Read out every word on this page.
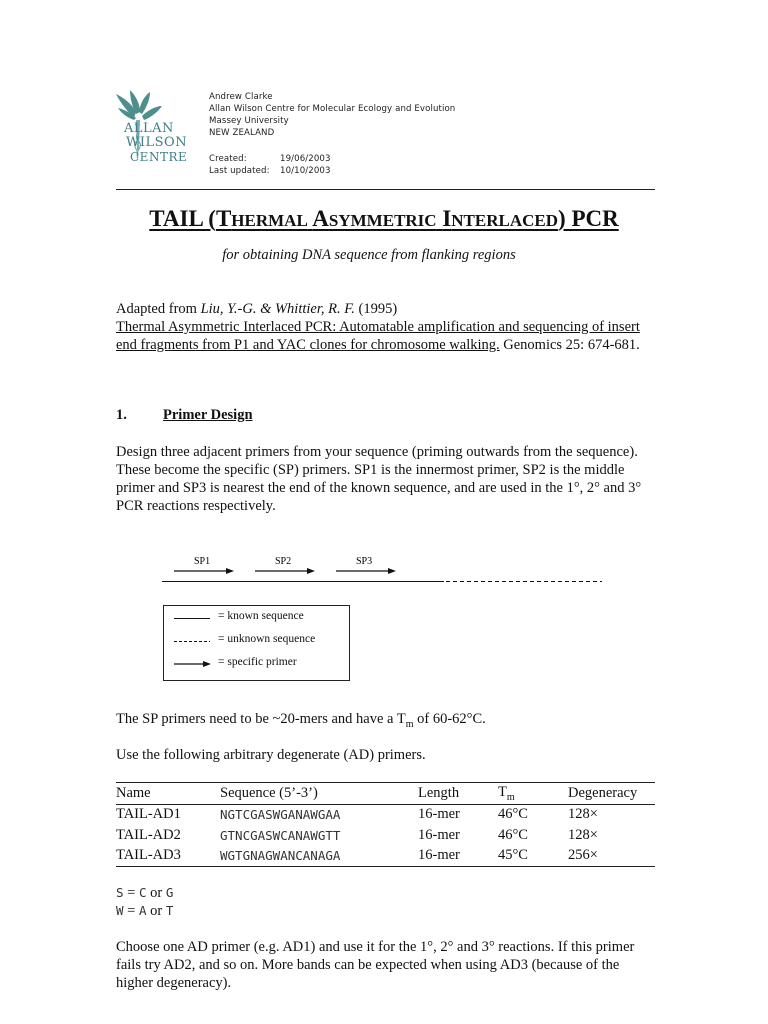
ALLAN
WILSON
CENTRE
Andrew Clarke
Allan Wilson Centre for Molecular Ecology and Evolution
Massey University
NEW ZEALAND
Created:	19/06/2003
Last updated: 10/10/2003
TAIL (THERMAL ASYMMETRIC INTERLACED) PCR
for obtaining DNA sequence from flanking regions
Adapted from Liu, Y.-G. & Whittier, R. F. (1995)
Thermal Asymmetric Interlaced PCR: Automatable amplification and sequencing of insert end fragments from P1 and YAC clones for chromosome walking. Genomics 25: 674-681.
1. Primer Design
Design three adjacent primers from your sequence (priming outwards from the sequence). These become the specific (SP) primers. SP1 is the innermost primer, SP2 is the middle primer and SP3 is nearest the end of the known sequence, and are used in the 1°, 2° and 3° PCR reactions respectively.
SP1	SP2	SP3
= known sequence
= unknown sequence
= specific primer
The SP primers need to be ~20-mers and have a $T_m$ of 60-62°C.
Use the following arbitrary degenerate (AD) primers.
Name	Sequence (5’-3’)	Length	$T_m$	Degeneracy
TAIL-AD1	NGTCGASWGANAWGAA	16-mer	46°C	128×
TAIL-AD2	GTNCGASWCANAWGTT	16-mer	46°C	128×
TAIL-AD3	WGTGNAGWANCANAGA	16-mer	45°C	256×
S = C or G
W = A or T
Choose one AD primer (e.g. AD1) and use it for the 1°, 2° and 3° reactions. If this primer fails try AD2, and so on. More bands can be expected when using AD3 (because of the higher degeneracy).
